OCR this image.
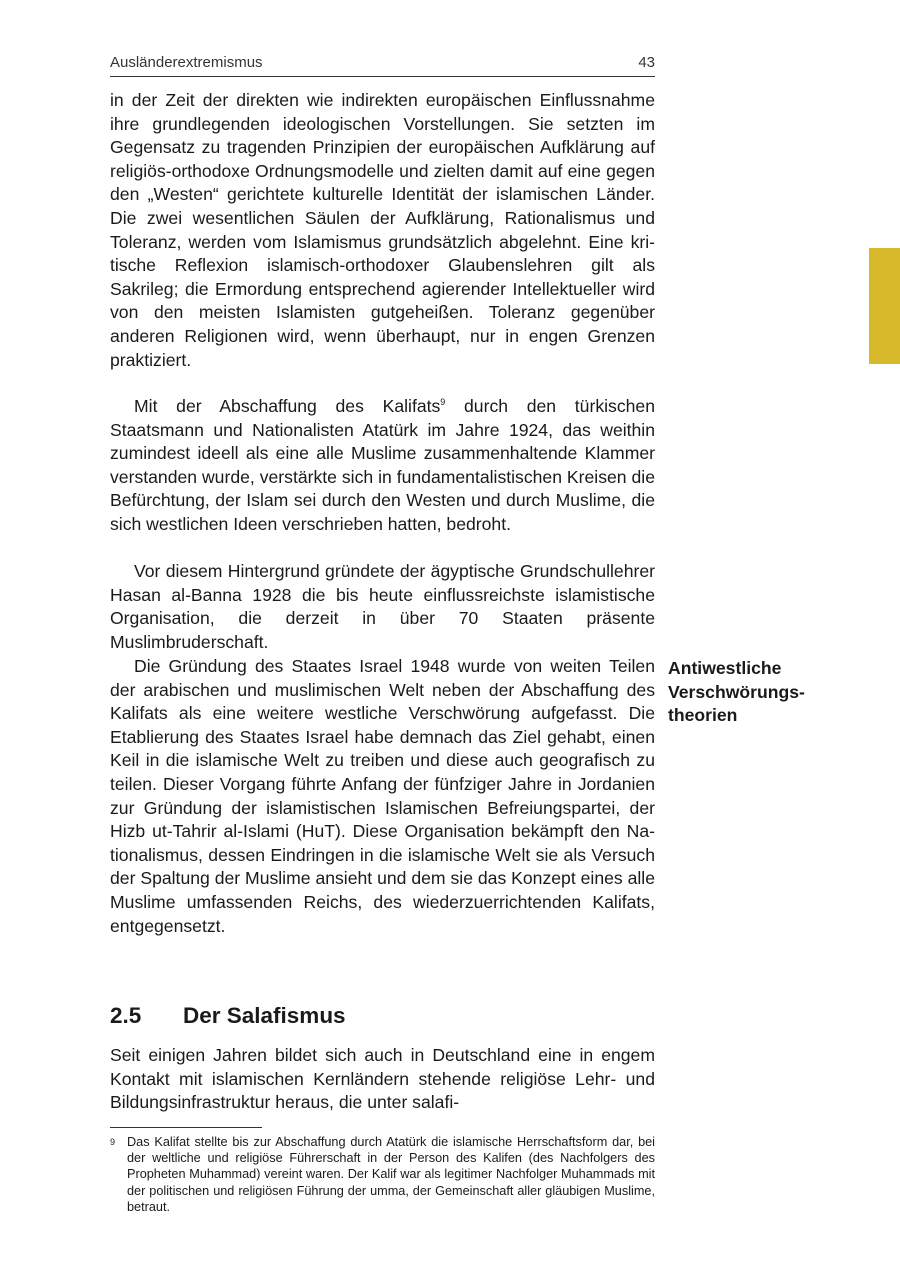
Ausländerextremismus	43

in der Zeit der direkten wie indirekten europäischen Einflussnahme ihre grundlegenden ideologischen Vorstellungen. Sie setzten im Gegensatz zu tragenden Prinzipien der europäischen Aufklärung auf religiös-orthodoxe Ordnungsmodelle und zielten damit auf eine gegen den „Westen“ gerichtete kulturelle Identität der islamischen Länder. Die zwei wesentlichen Säulen der Aufklärung, Rationalismus und Toleranz, werden vom Islamismus grundsätzlich abgelehnt. Eine kritische Reflexion islamisch-orthodoxer Glaubenslehren gilt als Sakrileg; die Ermordung entsprechend agierender Intellektueller wird von den meisten Islamisten gutgeheißen. Toleranz gegenüber anderen Religionen wird, wenn überhaupt, nur in engen Grenzen praktiziert.

Mit der Abschaffung des Kalifats$^9$ durch den türkischen Staatsmann und Nationalisten Atatürk im Jahre 1924, das weithin zumindest ideell als eine alle Muslime zusammenhaltende Klammer verstanden wurde, verstärkte sich in fundamentalistischen Kreisen die Befürchtung, der Islam sei durch den Westen und durch Muslime, die sich westlichen Ideen verschrieben hatten, bedroht.

Vor diesem Hintergrund gründete der ägyptische Grundschullehrer Hasan al-Banna 1928 die bis heute einflussreichste islamistische Organisation, die derzeit in über 70 Staaten präsente Muslimbruderschaft.

Die Gründung des Staates Israel 1948 wurde von weiten Teilen der arabischen und muslimischen Welt neben der Abschaffung des Kalifats als eine weitere westliche Verschwörung aufgefasst. Die Etablierung des Staates Israel habe demnach das Ziel gehabt, einen Keil in die islamische Welt zu treiben und diese auch geografisch zu teilen. Dieser Vorgang führte Anfang der fünfziger Jahre in Jordanien zur Gründung der islamistischen Islamischen Befreiungspartei, der Hizb ut-Tahrir al-Islami (HuT). Diese Organisation bekämpft den Nationalismus, dessen Eindringen in die islamische Welt sie als Versuch der Spaltung der Muslime ansieht und dem sie das Konzept eines alle Muslime umfassenden Reichs, des wiederzuerrichtenden Kalifats, entgegensetzt.

Antiwestliche
Verschwörungs-
theorien
2.5 Der Salafismus

Seit einigen Jahren bildet sich auch in Deutschland eine in engem Kontakt mit islamischen Kernländern stehende religiöse Lehr- und Bildungsinfrastruktur heraus, die unter salafi-

9 Das Kalifat stellte bis zur Abschaffung durch Atatürk die islamische Herrschaftsform dar, bei der weltliche und religiöse Führerschaft in der Person des Kalifen (des Nachfolgers des Propheten Muhammad) vereint waren. Der Kalif war als legitimer Nachfolger Muhammads mit der politischen und religiösen Führung der umma, der Gemeinschaft aller gläubigen Muslime, betraut.
